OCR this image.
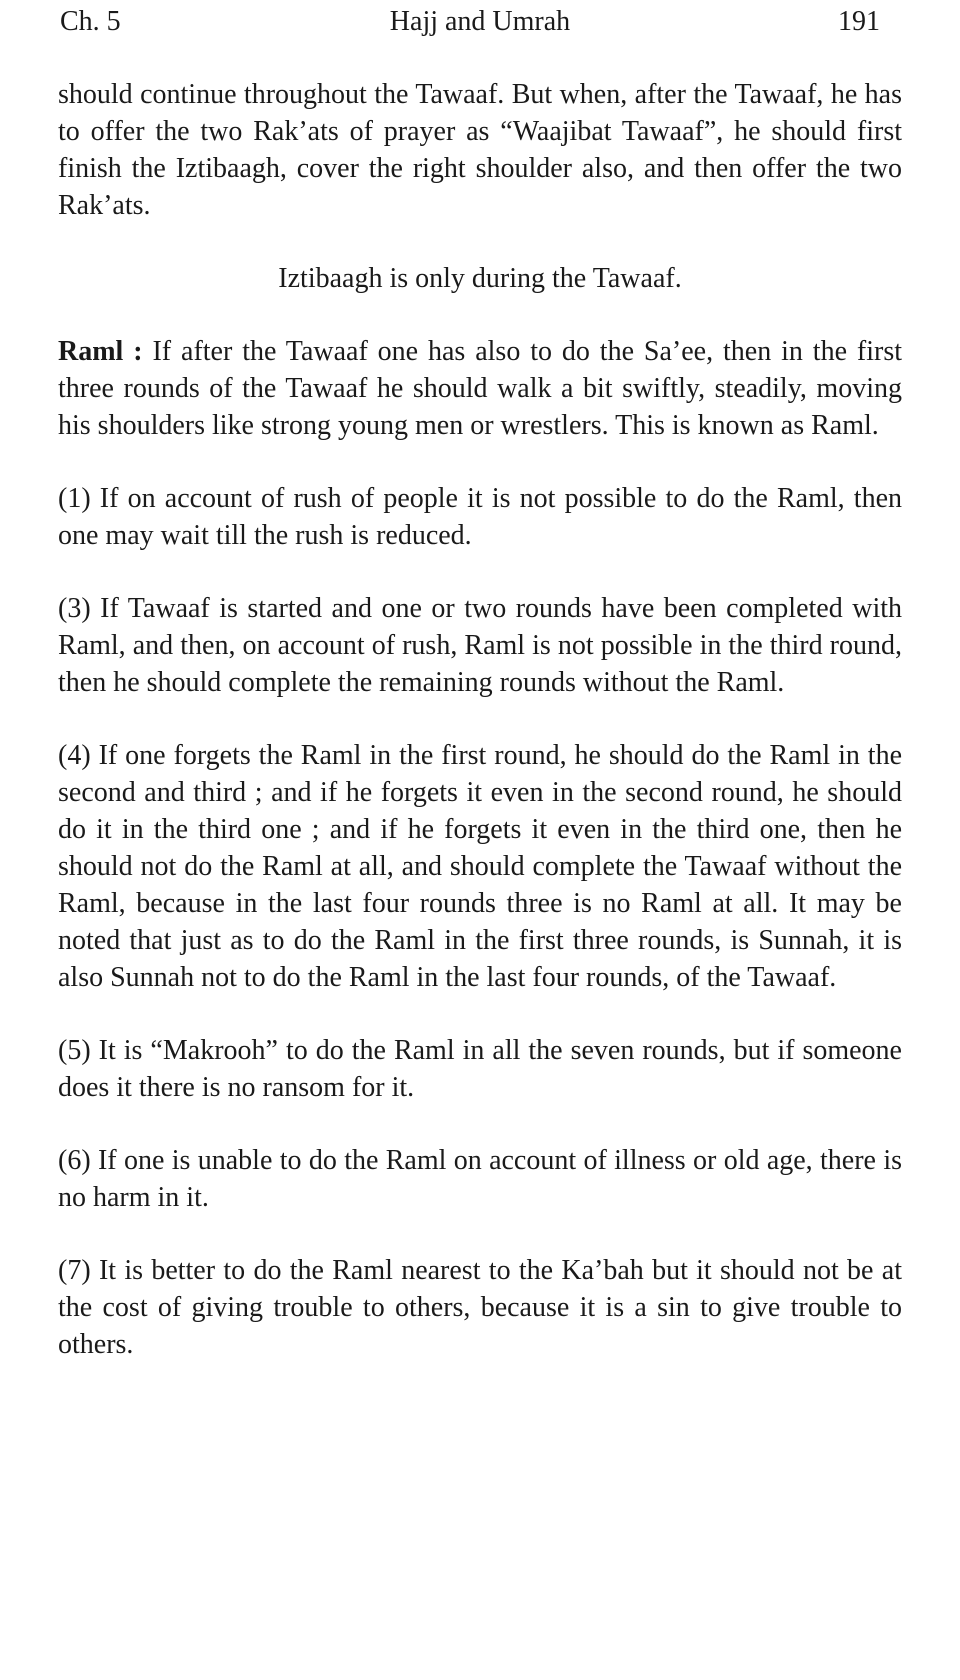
Ch. 5	Hajj and Umrah	191

should continue throughout the Tawaaf. But when, after the Tawaaf, he has to offer the two Rak’ats of prayer as “Waajibat Tawaaf”, he should first finish the Iztibaagh, cover the right shoulder also, and then offer the two Rak’ats.

Iztibaagh is only during the Tawaaf.

Raml : If after the Tawaaf one has also to do the Sa’ee, then in the first three rounds of the Tawaaf he should walk a bit swiftly, steadily, moving his shoulders like strong young men or wrestlers. This is known as Raml.

(1) If on account of rush of people it is not possible to do the Raml, then one may wait till the rush is reduced.

(3) If Tawaaf is started and one or two rounds have been completed with Raml, and then, on account of rush, Raml is not possible in the third round, then he should complete the remaining rounds without the Raml.

(4) If one forgets the Raml in the first round, he should do the Raml in the second and third ; and if he forgets it even in the second round, he should do it in the third one ; and if he forgets it even in the third one, then he should not do the Raml at all, and should complete the Tawaaf without the Raml, because in the last four rounds three is no Raml at all. It may be noted that just as to do the Raml in the first three rounds, is Sunnah, it is also Sunnah not to do the Raml in the last four rounds, of the Tawaaf.

(5) It is “Makrooh” to do the Raml in all the seven rounds, but if someone does it there is no ransom for it.

(6) If one is unable to do the Raml on account of illness or old age, there is no harm in it.

(7) It is better to do the Raml nearest to the Ka’bah but it should not be at the cost of giving trouble to others, because it is a sin to give trouble to others.
